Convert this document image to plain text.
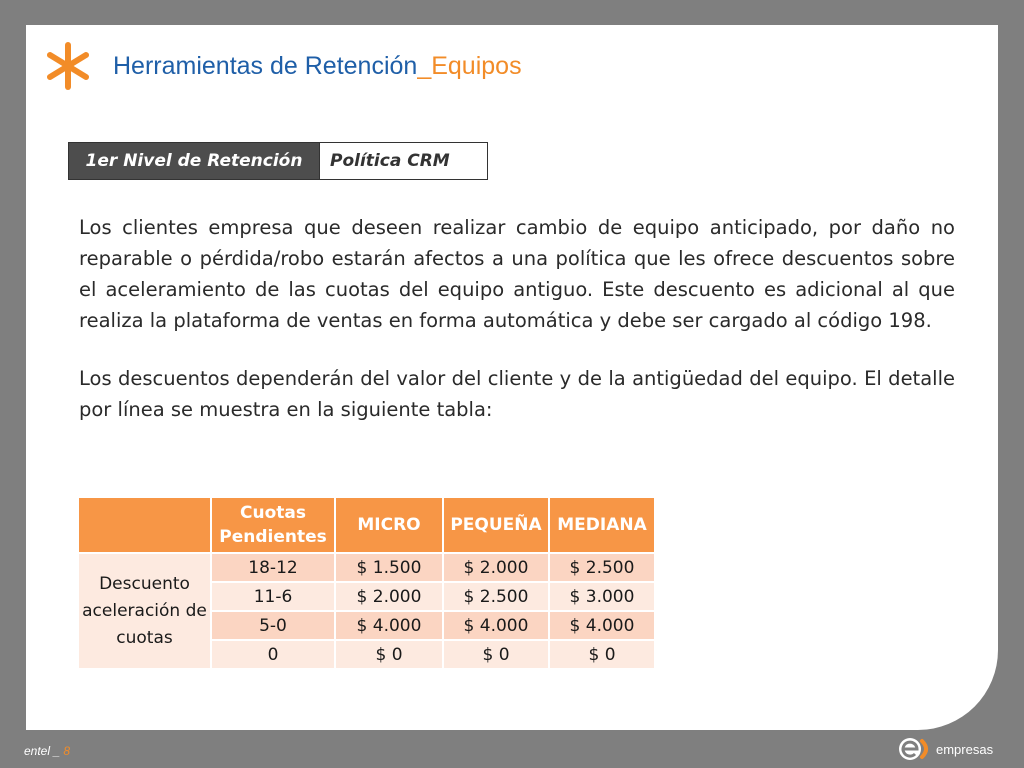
Herramientas de Retención_Equipos
1er Nivel de Retención	Política CRM

Los clientes empresa que deseen realizar cambio de equipo anticipado, por daño no reparable o pérdida/robo estarán afectos a una política que les ofrece descuentos sobre el aceleramiento de las cuotas del equipo antiguo. Este descuento es adicional al que realiza la plataforma de ventas en forma automática y debe ser cargado al código 198.

Los descuentos dependerán del valor del cliente y de la antigüedad del equipo. El detalle por línea se muestra en la siguiente tabla:

	Cuotas Pendientes	MICRO	PEQUEÑA	MEDIANA
Descuento aceleración de cuotas	18-12	$ 1.500	$ 2.000	$ 2.500
	11-6	$ 2.000	$ 2.500	$ 3.000
	5-0	$ 4.000	$ 4.000	$ 4.000
	0	$ 0	$ 0	$ 0
entel _ 8	empresas
